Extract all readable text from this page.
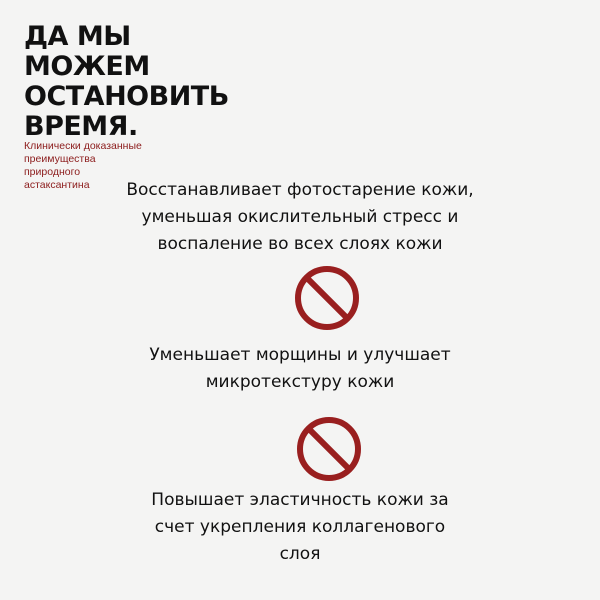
ДА МЫ
МОЖЕМ
ОСТАНОВИТЬ
ВРЕМЯ.
Клинически доказанные
преимущества
природного
астаксантина	Восстанавливает фотостарение кожи,
уменьшая окислительный стресс и
воспаление во всех слоях кожи
Уменьшает морщины и улучшает
микротекстуру кожи
Повышает эластичность кожи за
счет укрепления коллагенового
слоя
